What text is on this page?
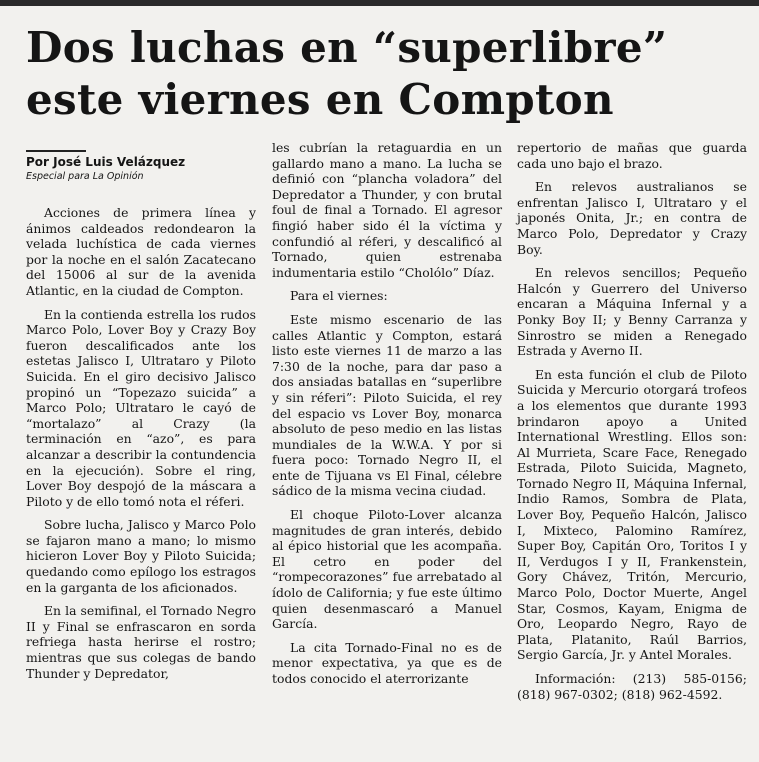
Dos luchas en “superlibre” este viernes en Compton
Por José Luis Velázquez
Especial para La Opinión

Acciones de primera línea y ánimos caldeados redondearon la velada luchística de cada viernes por la noche en el salón Zacatecano del 15006 al sur de la avenida Atlantic, en la ciudad de Compton.

En la contienda estrella los rudos Marco Polo, Lover Boy y Crazy Boy fueron descalificados ante los estetas Jalisco I, Ultrataro y Piloto Suicida. En el giro decisivo Jalisco propinó un “Topezazo suicida” a Marco Polo; Ultrataro le cayó de “mortalazo” al Crazy (la terminación en “azo”, es para alcanzar a describir la contundencia en la ejecución). Sobre el ring, Lover Boy despojó de la máscara a Piloto y de ello tomó nota el réferi.

Sobre lucha, Jalisco y Marco Polo se fajaron mano a mano; lo mismo hicieron Lover Boy y Piloto Suicida; quedando como epílogo los estragos en la garganta de los aficionados.

En la semifinal, el Tornado Negro II y Final se enfrascaron en sorda refriega hasta herirse el rostro; mientras que sus colegas de bando Thunder y Depredator,

les cubrían la retaguardia en un gallardo mano a mano. La lucha se definió con “plancha voladora” del Depredator a Thunder, y con brutal foul de final a Tornado. El agresor fingió haber sido él la víctima y confundió al réferi, y descalificó al Tornado, quien estrenaba indumentaria estilo “Cholólo” Díaz.

Para el viernes:

Este mismo escenario de las calles Atlantic y Compton, estará listo este viernes 11 de marzo a las 7:30 de la noche, para dar paso a dos ansiadas batallas en “superlibre y sin réferi”: Piloto Suicida, el rey del espacio vs Lover Boy, monarca absoluto de peso medio en las listas mundiales de la W.W.A. Y por si fuera poco: Tornado Negro II, el ente de Tijuana vs El Final, célebre sádico de la misma vecina ciudad.

El choque Piloto-Lover alcanza magnitudes de gran interés, debido al épico historial que les acompaña. El cetro en poder del “rompecorazones” fue arrebatado al ídolo de California; y fue este último quien desenmascaró a Manuel García.

La cita Tornado-Final no es de menor expectativa, ya que es de todos conocido el aterrorizante

repertorio de mañas que guarda cada uno bajo el brazo.

En relevos australianos se enfrentan Jalisco I, Ultrataro y el japonés Onita, Jr.; en contra de Marco Polo, Depredator y Crazy Boy.

En relevos sencillos; Pequeño Halcón y Guerrero del Universo encaran a Máquina Infernal y a Ponky Boy II; y Benny Carranza y Sinrostro se miden a Renegado Estrada y Averno II.

En esta función el club de Piloto Suicida y Mercurio otorgará trofeos a los elementos que durante 1993 brindaron apoyo a United International Wrestling. Ellos son: Al Murrieta, Scare Face, Renegado Estrada, Piloto Suicida, Magneto, Tornado Negro II, Máquina Infernal, Indio Ramos, Sombra de Plata, Lover Boy, Pequeño Halcón, Jalisco I, Mixteco, Palomino Ramírez, Super Boy, Capitán Oro, Toritos I y II, Verdugos I y II, Frankenstein, Gory Chávez, Tritón, Mercurio, Marco Polo, Doctor Muerte, Angel Star, Cosmos, Kayam, Enigma de Oro, Leopardo Negro, Rayo de Plata, Platanito, Raúl Barrios, Sergio García, Jr. y Antel Morales.

Información: (213) 585-0156; (818) 967-0302; (818) 962-4592.
